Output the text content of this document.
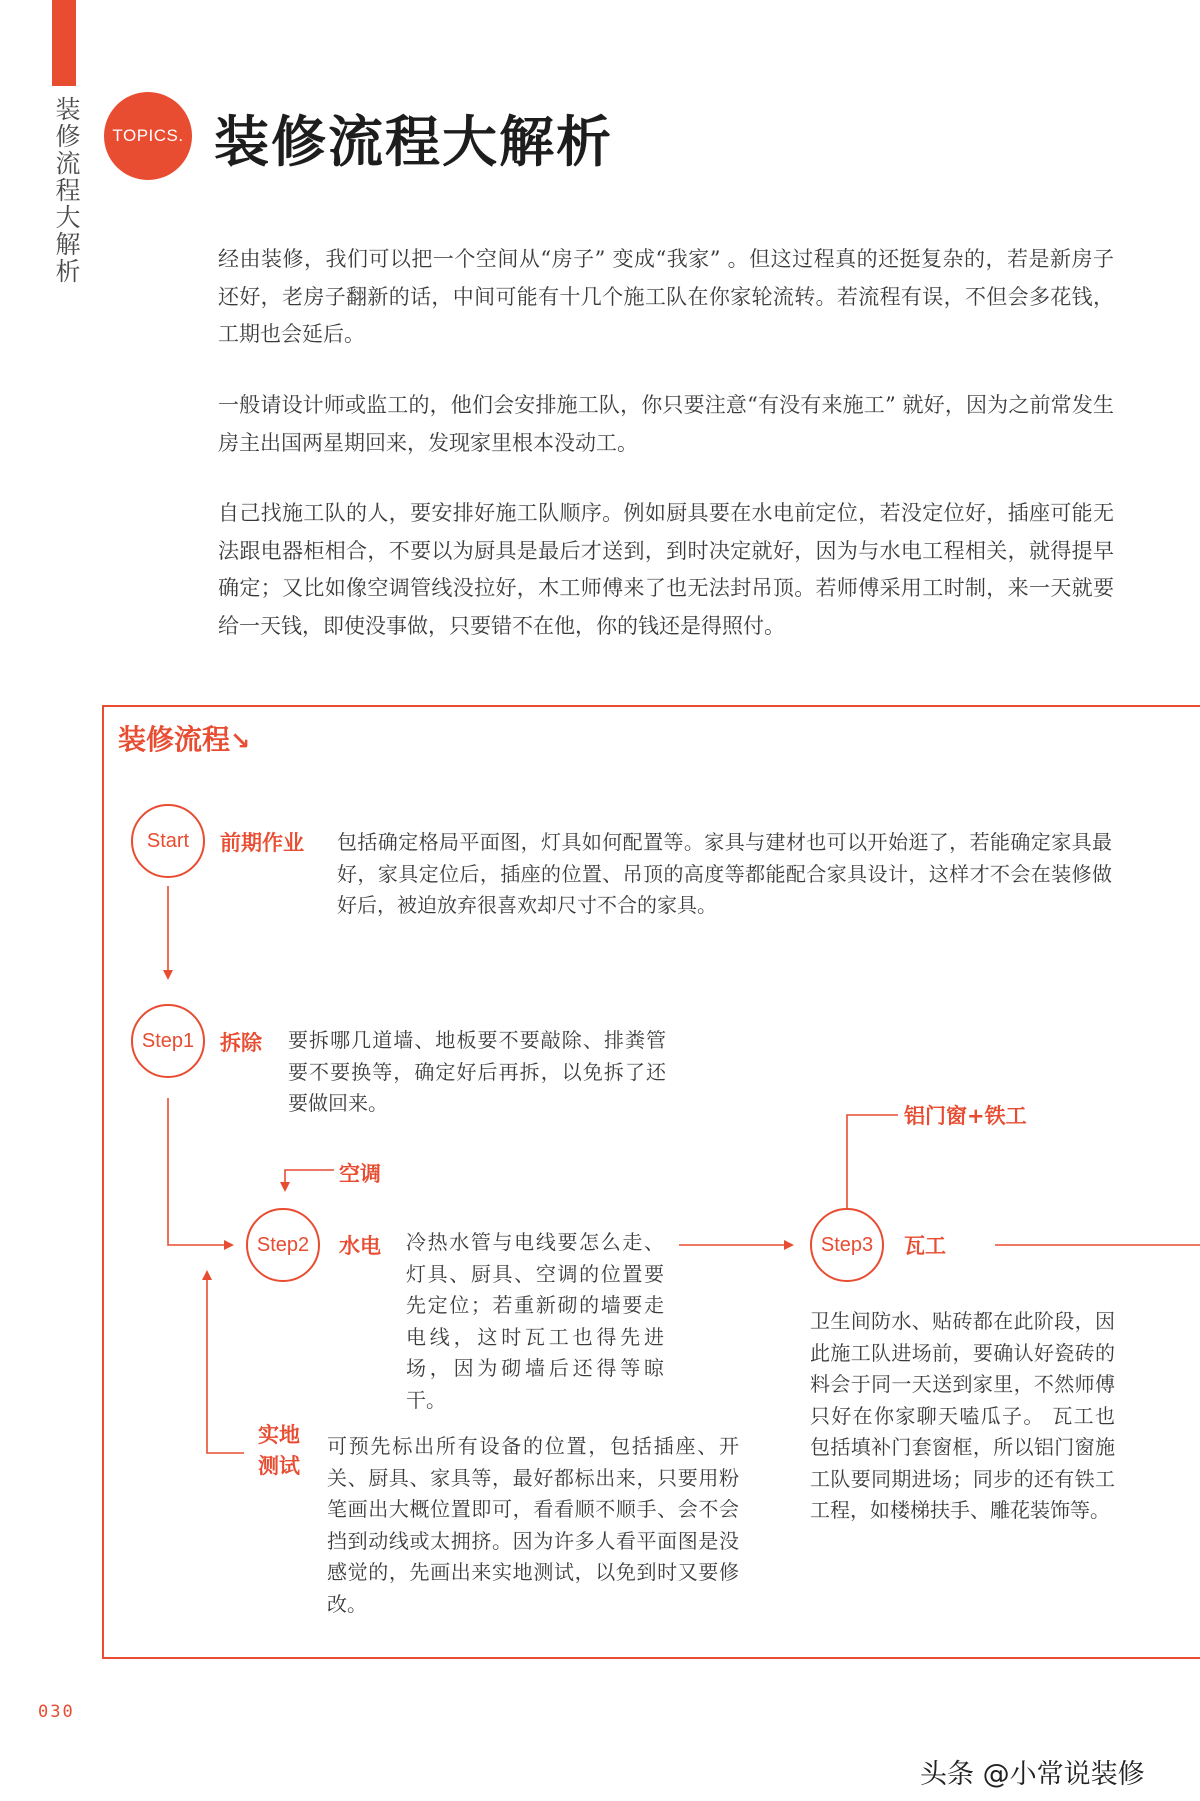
装修流程大解析	TOPICS. 装修流程大解析

经由装修，我们可以把一个空间从“房子” 变成“我家” 。但这过程真的还挺复杂的，若是新房子还好，老房子翻新的话，中间可能有十几个施工队在你家轮流转。若流程有误，不但会多花钱，工期也会延后。

一般请设计师或监工的，他们会安排施工队，你只要注意“有没有来施工” 就好，因为之前常发生房主出国两星期回来，发现家里根本没动工。

自己找施工队的人，要安排好施工队顺序。例如厨具要在水电前定位，若没定位好，插座可能无法跟电器柜相合，不要以为厨具是最后才送到，到时决定就好，因为与水电工程相关，就得提早确定；又比如像空调管线没拉好，木工师傅来了也无法封吊顶。若师傅采用工时制，来一天就要给一天钱，即使没事做，只要错不在他，你的钱还是得照付。

装修流程↘
Start	前期作业 包括确定格局平面图，灯具如何配置等。家具与建材也可以开始逛了，若能确定家具最好，家具定位后，插座的位置、吊顶的高度等都能配合家具设计，这样才不会在装修做好后，被迫放弃很喜欢却尺寸不合的家具。

Step1	拆除 要拆哪几道墙、地板要不要敲除、排粪管要不要换等，确定好后再拆，以免拆了还要做回来。

空调
Step2	水电 冷热水管与电线要怎么走、灯具、厨具、空调的位置要先定位；若重新砌的墙要走电线，这时瓦工也得先进场，因为砌墙后还得等晾干。

实地
测试

可预先标出所有设备的位置，包括插座、开关、厨具、家具等，最好都标出来，只要用粉笔画出大概位置即可，看看顺不顺手、会不会挡到动线或太拥挤。因为许多人看平面图是没感觉的，先画出来实地测试，以免到时又要修改。

Step3	瓦工

卫生间防水、贴砖都在此阶段，因此施工队进场前，要确认好瓷砖的料会于同一天送到家里，不然师傅只好在你家聊天嗑瓜子。 瓦工也包括填补门套窗框，所以铝门窗施工队要同期进场；同步的还有铁工工程，如楼梯扶手、雕花装饰等。

铝门窗+铁工
030
头条 @小常说装修
